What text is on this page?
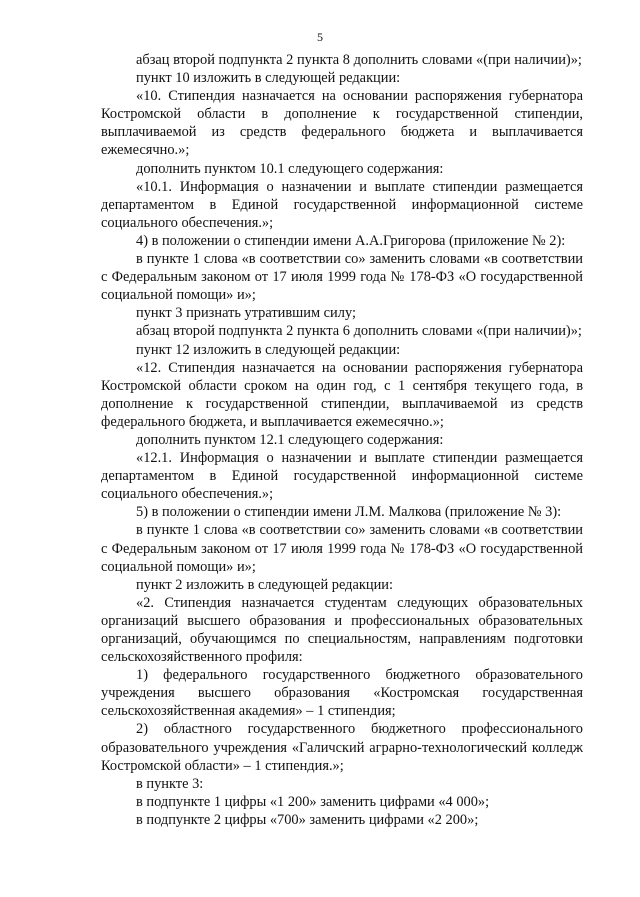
5

абзац второй подпункта 2 пункта 8 дополнить словами «(при наличии)»;

пункт 10 изложить в следующей редакции:

«10. Стипендия назначается на основании распоряжения губернатора Костромской области в дополнение к государственной стипендии, выплачиваемой из средств федерального бюджета и выплачивается ежемесячно.»;

дополнить пунктом 10.1 следующего содержания:

«10.1. Информация о назначении и выплате стипендии размещается департаментом в Единой государственной информационной системе социального обеспечения.»;

4) в положении о стипендии имени А.А.Григорова (приложение № 2):

в пункте 1 слова «в соответствии со» заменить словами «в соответствии с Федеральным законом от 17 июля 1999 года № 178-ФЗ «О государственной социальной помощи» и»;

пункт 3 признать утратившим силу;

абзац второй подпункта 2 пункта 6 дополнить словами «(при наличии)»;

пункт 12 изложить в следующей редакции:

«12. Стипендия назначается на основании распоряжения губернатора Костромской области сроком на один год, с 1 сентября текущего года, в дополнение к государственной стипендии, выплачиваемой из средств федерального бюджета, и выплачивается ежемесячно.»;

дополнить пунктом 12.1 следующего содержания:

«12.1. Информация о назначении и выплате стипендии размещается департаментом в Единой государственной информационной системе социального обеспечения.»;

5) в положении о стипендии имени Л.М. Малкова (приложение № 3):

в пункте 1 слова «в соответствии со» заменить словами «в соответствии с Федеральным законом от 17 июля 1999 года № 178-ФЗ «О государственной социальной помощи» и»;

пункт 2 изложить в следующей редакции:

«2. Стипендия назначается студентам следующих образовательных организаций высшего образования и профессиональных образовательных организаций, обучающимся по специальностям, направлениям подготовки сельскохозяйственного профиля:

1) федерального государственного бюджетного образовательного учреждения высшего образования «Костромская государственная сельскохозяйственная академия» – 1 стипендия;

2) областного государственного бюджетного профессионального образовательного учреждения «Галичский аграрно-технологический колледж Костромской области» – 1 стипендия.»;

в пункте 3:

в подпункте 1 цифры «1 200» заменить цифрами «4 000»;

в подпункте 2 цифры «700» заменить цифрами «2 200»;
